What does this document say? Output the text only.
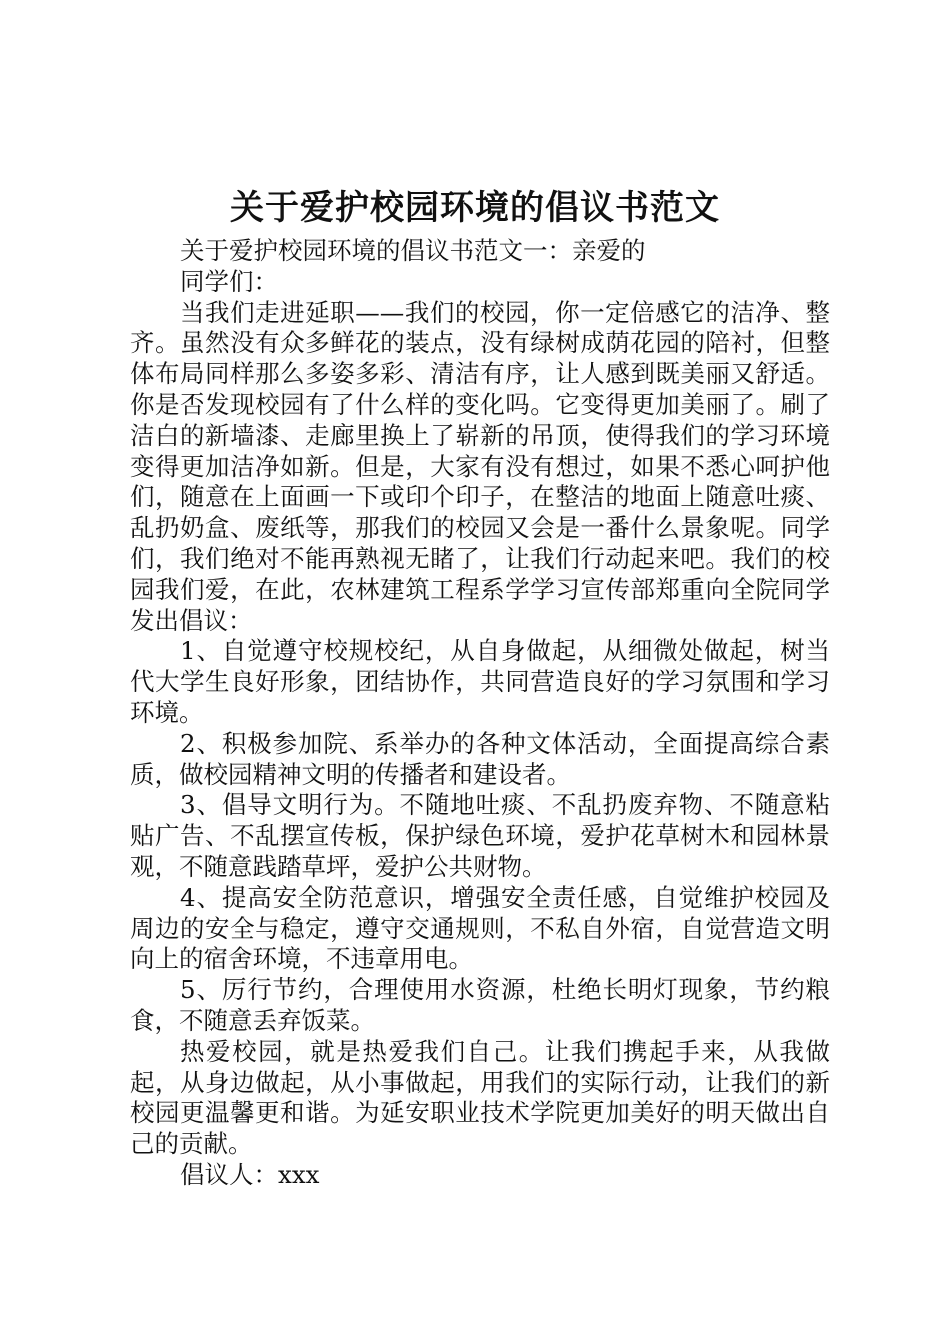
关于爱护校园环境的倡议书范文
关于爱护校园环境的倡议书范文一：亲爱的
同学们：

当我们走进延职——我们的校园，你一定倍感它的洁净、整齐。虽然没有众多鲜花的装点，没有绿树成荫花园的陪衬，但整体布局同样那么多姿多彩、清洁有序，让人感到既美丽又舒适。你是否发现校园有了什么样的变化吗。它变得更加美丽了。刷了洁白的新墙漆、走廊里换上了崭新的吊顶，使得我们的学习环境变得更加洁净如新。但是，大家有没有想过，如果不悉心呵护他们，随意在上面画一下或印个印子，在整洁的地面上随意吐痰、乱扔奶盒、废纸等，那我们的校园又会是一番什么景象呢。同学们，我们绝对不能再熟视无睹了，让我们行动起来吧。我们的校园我们爱，在此，农林建筑工程系学学习宣传部郑重向全院同学发出倡议：

1、自觉遵守校规校纪，从自身做起，从细微处做起，树当代大学生良好形象，团结协作，共同营造良好的学习氛围和学习环境。

2、积极参加院、系举办的各种文体活动，全面提高综合素质，做校园精神文明的传播者和建设者。

3、倡导文明行为。不随地吐痰、不乱扔废弃物、不随意粘贴广告、不乱摆宣传板，保护绿色环境，爱护花草树木和园林景观，不随意践踏草坪，爱护公共财物。

4、提高安全防范意识，增强安全责任感，自觉维护校园及周边的安全与稳定，遵守交通规则，不私自外宿，自觉营造文明向上的宿舍环境，不违章用电。

5、厉行节约，合理使用水资源，杜绝长明灯现象，节约粮食，不随意丢弃饭菜。

热爱校园，就是热爱我们自己。让我们携起手来，从我做起，从身边做起，从小事做起，用我们的实际行动，让我们的新校园更温馨更和谐。为延安职业技术学院更加美好的明天做出自己的贡献。

倡议人：xxx
